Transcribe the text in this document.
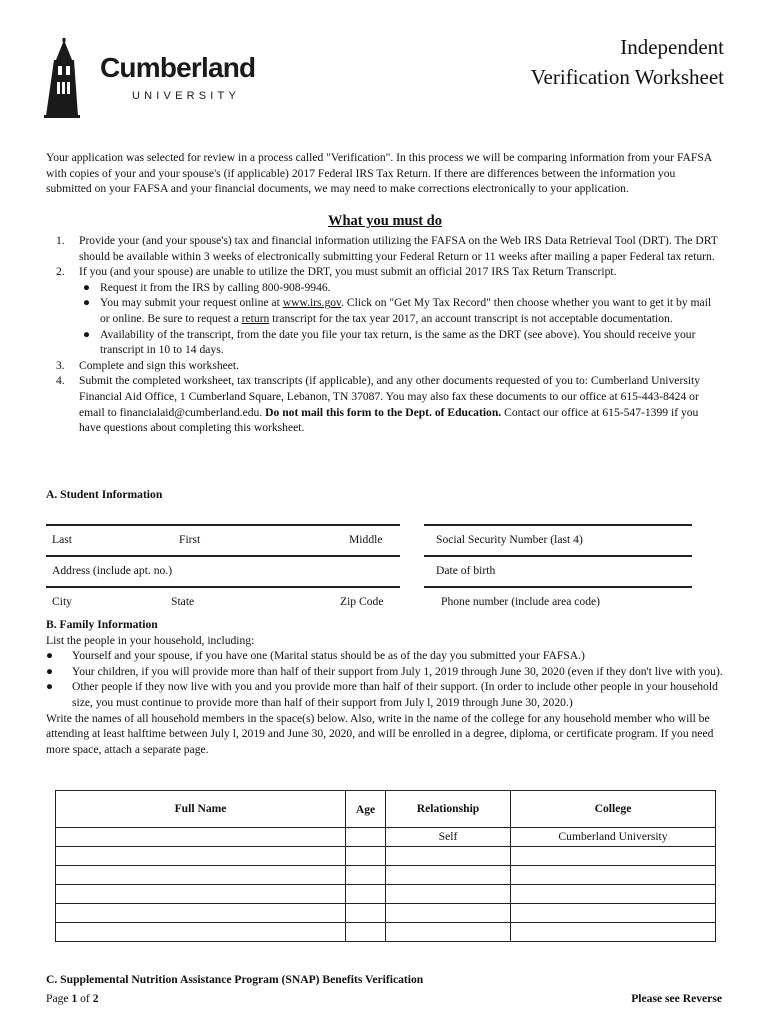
Cumberland
UNIVERSITY
Independent
Verification Worksheet
Your application was selected for review in a process called "Verification". In this process we will be comparing information from your FAFSA with copies of your and your spouse's (if applicable) 2017 Federal IRS Tax Return. If there are differences between the information you submitted on your FAFSA and your financial documents, we may need to make corrections electronically to your application.
What you must do
1. Provide your (and your spouse's) tax and financial information utilizing the FAFSA on the Web IRS Data Retrieval Tool (DRT). The DRT should be available within 3 weeks of electronically submitting your Federal Return or 11 weeks after mailing a paper Federal tax return.
2. If you (and your spouse) are unable to utilize the DRT, you must submit an official 2017 IRS Tax Return Transcript.
● Request it from the IRS by calling 800-908-9946.
● You may submit your request online at www.irs.gov. Click on "Get My Tax Record" then choose whether you want to get it by mail or online. Be sure to request a return transcript for the tax year 2017, an account transcript is not acceptable documentation.
● Availability of the transcript, from the date you file your tax return, is the same as the DRT (see above). You should receive your transcript in 10 to 14 days.
3. Complete and sign this worksheet.
4. Submit the completed worksheet, tax transcripts (if applicable), and any other documents requested of you to: Cumberland University Financial Aid Office, 1 Cumberland Square, Lebanon, TN 37087. You may also fax these documents to our office at 615-443-8424 or email to financialaid@cumberland.edu. Do not mail this form to the Dept. of Education. Contact our office at 615-547-1399 if you have questions about completing this worksheet.
A. Student Information
Last	First	Middle	Social Security Number (last 4)
Address (include apt. no.)	Date of birth
City	State	Zip Code	Phone number (include area code)
B. Family Information
List the people in your household, including:
● Yourself and your spouse, if you have one (Marital status should be as of the day you submitted your FAFSA.)
● Your children, if you will provide more than half of their support from July 1, 2019 through June 30, 2020 (even if they don't live with you).
● Other people if they now live with you and you provide more than half of their support. (In order to include other people in your household size, you must continue to provide more than half of their support from July l, 2019 through June 30, 2020.)
Write the names of all household members in the space(s) below. Also, write in the name of the college for any household member who will be attending at least halftime between July l, 2019 and June 30, 2020, and will be enrolled in a degree, diploma, or certificate program. If you need more space, attach a separate page.
Full Name	Age	Relationship	College
		Self	Cumberland University

C. Supplemental Nutrition Assistance Program (SNAP) Benefits Verification
Page 1 of 2	Please see Reverse
